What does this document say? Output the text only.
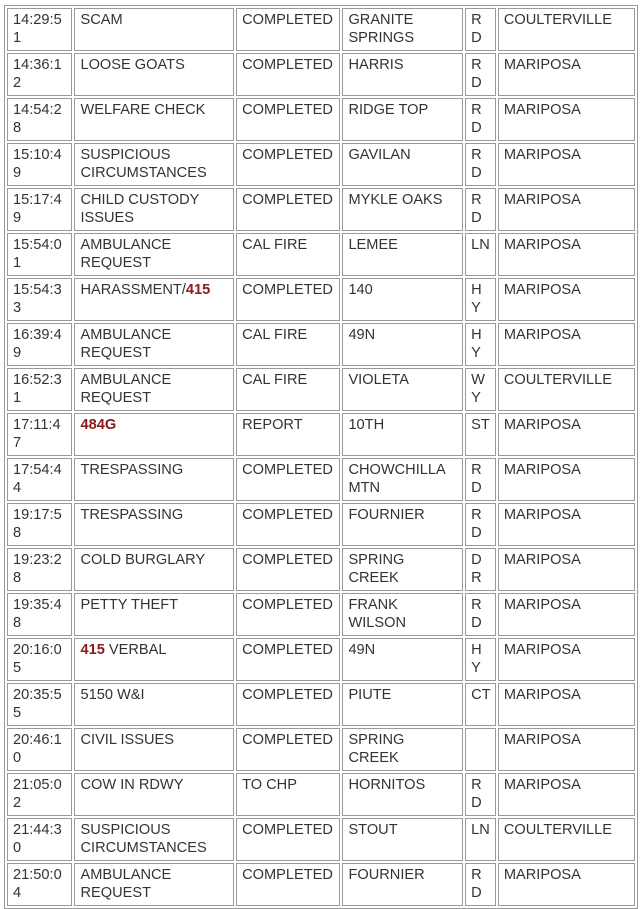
14:29:51	SCAM	COMPLETED	GRANITE SPRINGS	RD	COULTERVILLE
14:36:12	LOOSE GOATS	COMPLETED	HARRIS	RD	MARIPOSA
14:54:28	WELFARE CHECK	COMPLETED	RIDGE TOP	RD	MARIPOSA
15:10:49	SUSPICIOUS CIRCUMSTANCES	COMPLETED	GAVILAN	RD	MARIPOSA
15:17:49	CHILD CUSTODY ISSUES	COMPLETED	MYKLE OAKS	RD	MARIPOSA
15:54:01	AMBULANCE REQUEST	CAL FIRE	LEMEE	LN	MARIPOSA
15:54:33	HARASSMENT/415	COMPLETED	140	HY	MARIPOSA
16:39:49	AMBULANCE REQUEST	CAL FIRE	49N	HY	MARIPOSA
16:52:31	AMBULANCE REQUEST	CAL FIRE	VIOLETA	WY	COULTERVILLE
17:11:47	484G	REPORT	10TH	ST	MARIPOSA
17:54:44	TRESPASSING	COMPLETED	CHOWCHILLA MTN	RD	MARIPOSA
19:17:58	TRESPASSING	COMPLETED	FOURNIER	RD	MARIPOSA
19:23:28	COLD BURGLARY	COMPLETED	SPRING CREEK	DR	MARIPOSA
19:35:48	PETTY THEFT	COMPLETED	FRANK WILSON	RD	MARIPOSA
20:16:05	415 VERBAL	COMPLETED	49N	HY	MARIPOSA
20:35:55	5150 W&I	COMPLETED	PIUTE	CT	MARIPOSA
20:46:10	CIVIL ISSUES	COMPLETED	SPRING CREEK		MARIPOSA
21:05:02	COW IN RDWY	TO CHP	HORNITOS	RD	MARIPOSA
21:44:30	SUSPICIOUS CIRCUMSTANCES	COMPLETED	STOUT	LN	COULTERVILLE
21:50:04	AMBULANCE REQUEST	COMPLETED	FOURNIER	RD	MARIPOSA
